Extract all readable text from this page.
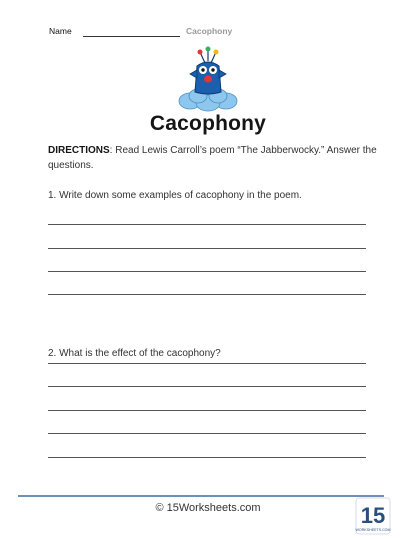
Name	Cacophony
Cacophony
DIRECTIONS: Read Lewis Carroll’s poem “The Jabberwocky.” Answer the questions.
1. Write down some examples of cacophony in the poem.
2. What is the effect of the cacophony?
© 15Worksheets.com	15
WORKSHEETS.COM
